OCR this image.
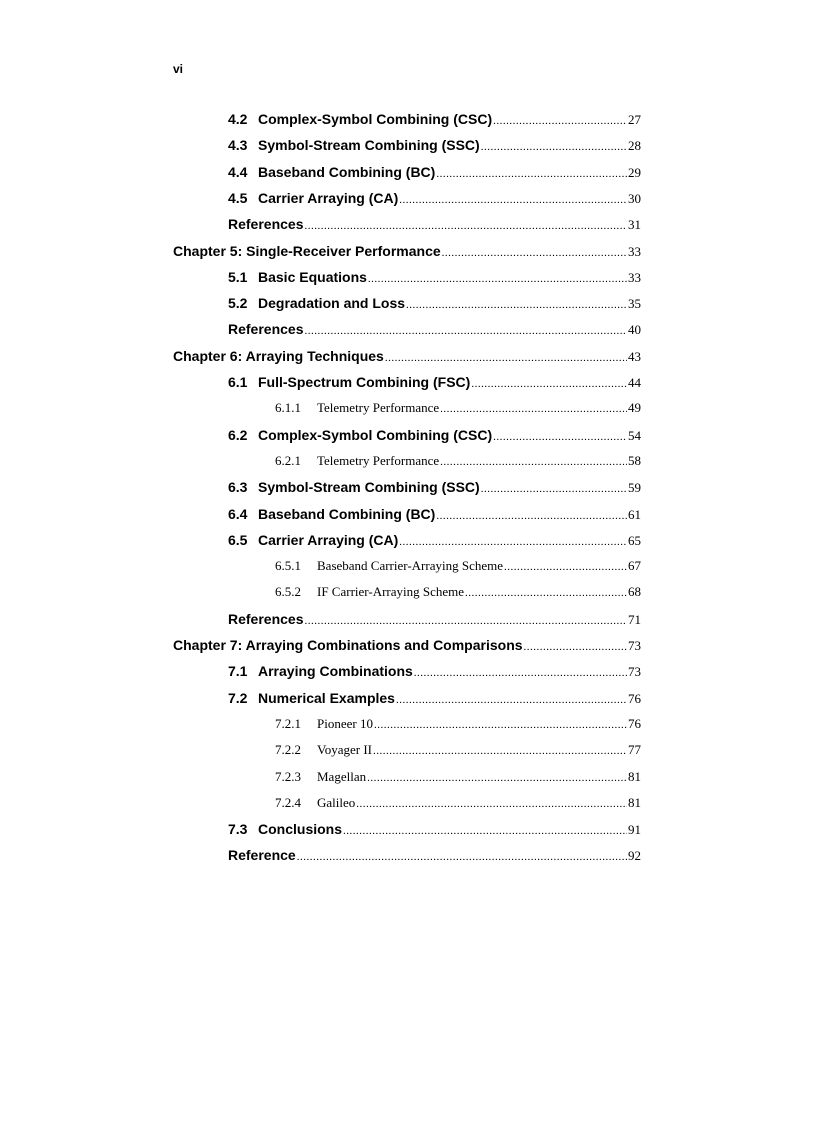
vi
4.2 Complex-Symbol Combining (CSC) .....	27
4.3 Symbol-Stream Combining (SSC) .....	28
4.4 Baseband Combining (BC) .....	29
4.5 Carrier Arraying (CA) .....	30
References .....	31
Chapter 5: Single-Receiver Performance .....	33
5.1 Basic Equations .....	33
5.2 Degradation and Loss .....	35
References .....	40
Chapter 6: Arraying Techniques .....	43
6.1 Full-Spectrum Combining (FSC) .....	44
6.1.1 Telemetry Performance .....	49
6.2 Complex-Symbol Combining (CSC) .....	54
6.2.1 Telemetry Performance .....	58
6.3 Symbol-Stream Combining (SSC) .....	59
6.4 Baseband Combining (BC) .....	61
6.5 Carrier Arraying (CA) .....	65
6.5.1 Baseband Carrier-Arraying Scheme .....	67
6.5.2 IF Carrier-Arraying Scheme .....	68
References .....	71
Chapter 7: Arraying Combinations and Comparisons .....	73
7.1 Arraying Combinations .....	73
7.2 Numerical Examples .....	76
7.2.1 Pioneer 10 .....	76
7.2.2 Voyager II .....	77
7.2.3 Magellan .....	81
7.2.4 Galileo .....	81
7.3 Conclusions .....	91
Reference .....	92
